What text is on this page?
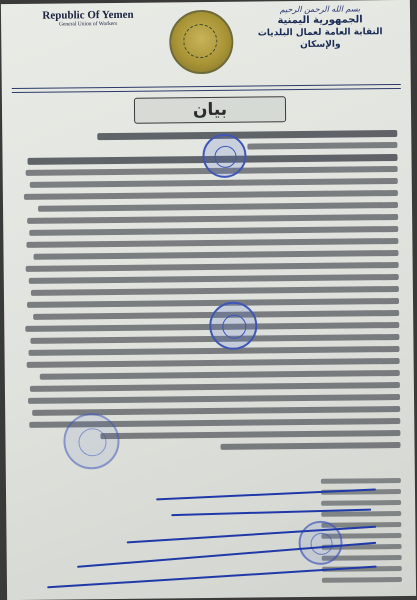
Republic Of Yemen
General Union of Workers
بسم الله الرحمن الرحيم
الجمهورية اليمنية
النقابة العامة لعمال البلديات والإسكان
بيان
